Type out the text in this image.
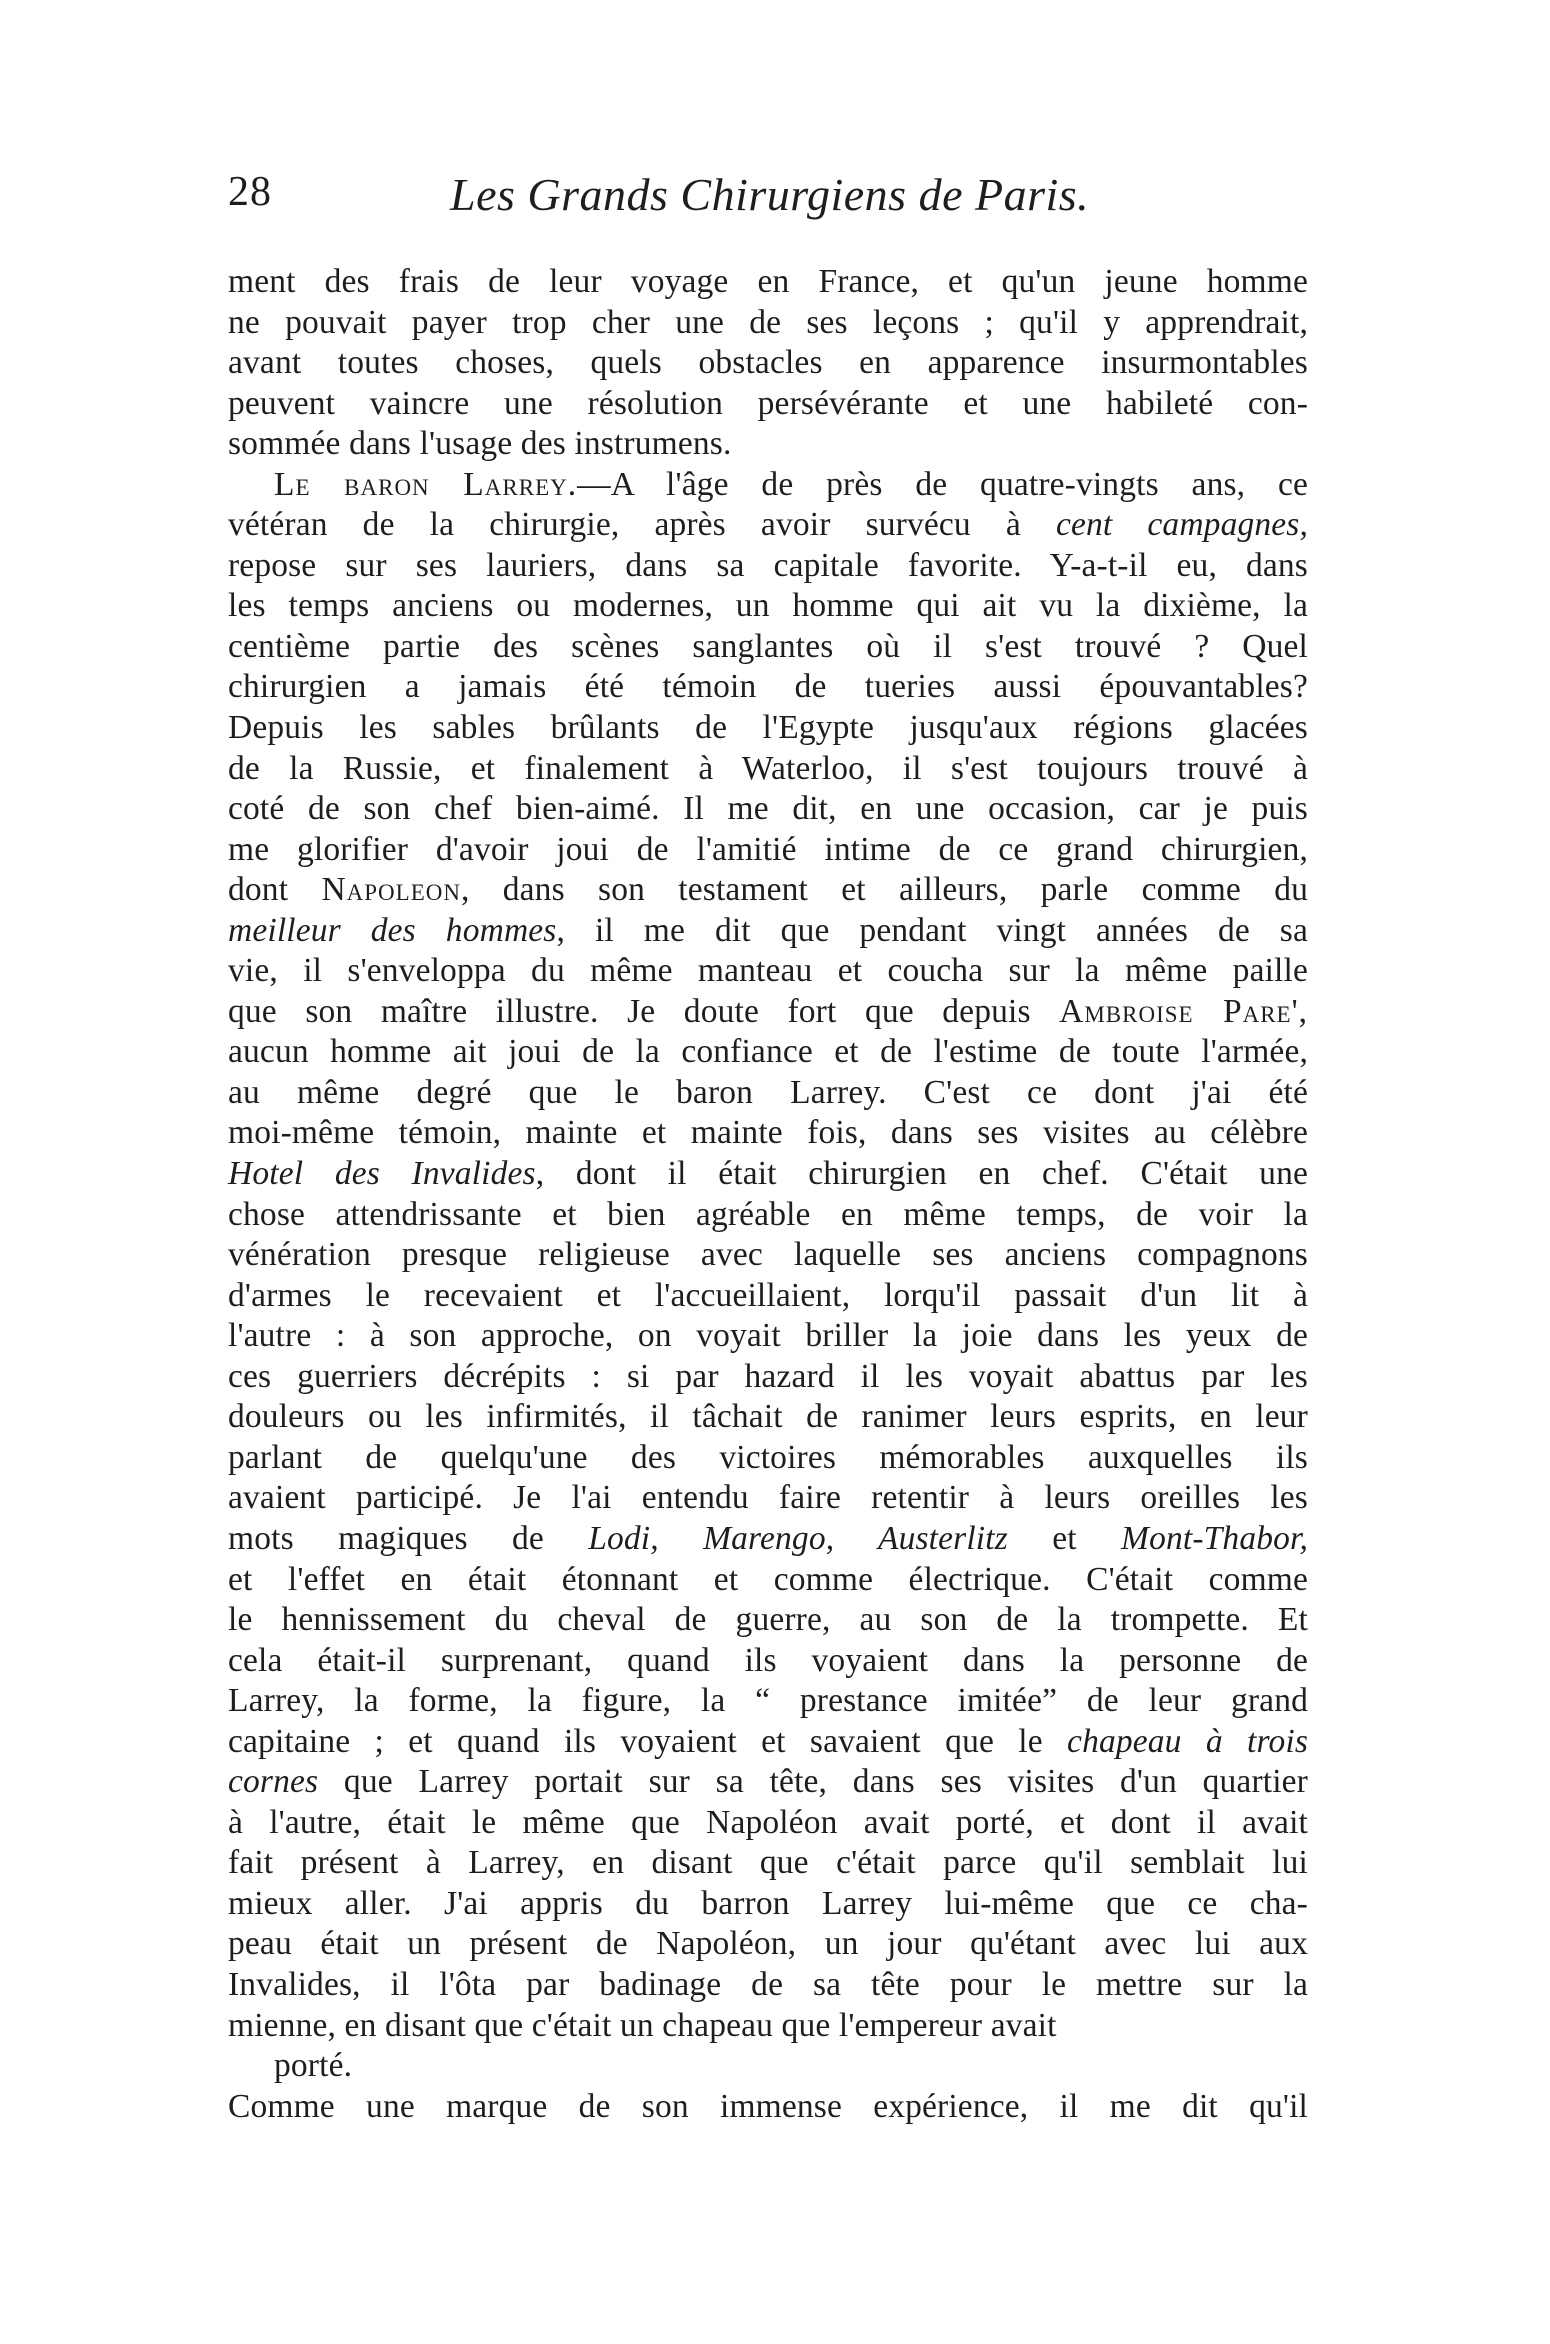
28	Les Grands Chirurgiens de Paris.
ment des frais de leur voyage en France, et qu'un jeune homme
ne pouvait payer trop cher une de ses leçons ; qu'il y apprendrait,
avant toutes choses, quels obstacles en apparence insurmontables
peuvent vaincre une résolution persévérante et une habileté con-
sommée dans l'usage des instrumens.
Le baron Larrey.—A l'âge de près de quatre-vingts ans, ce
vétéran de la chirurgie, après avoir survécu à cent campagnes,
repose sur ses lauriers, dans sa capitale favorite. Y-a-t-il eu, dans
les temps anciens ou modernes, un homme qui ait vu la dixième, la
centième partie des scènes sanglantes où il s'est trouvé ? Quel
chirurgien a jamais été témoin de tueries aussi épouvantables?
Depuis les sables brûlants de l'Egypte jusqu'aux régions glacées
de la Russie, et finalement à Waterloo, il s'est toujours trouvé à
coté de son chef bien-aimé. Il me dit, en une occasion, car je puis
me glorifier d'avoir joui de l'amitié intime de ce grand chirurgien,
dont Napoleon, dans son testament et ailleurs, parle comme du
meilleur des hommes, il me dit que pendant vingt années de sa
vie, il s'enveloppa du même manteau et coucha sur la même paille
que son maître illustre. Je doute fort que depuis Ambroise Pare',
aucun homme ait joui de la confiance et de l'estime de toute l'armée,
au même degré que le baron Larrey. C'est ce dont j'ai été
moi-même témoin, mainte et mainte fois, dans ses visites au célèbre
Hotel des Invalides, dont il était chirurgien en chef. C'était une
chose attendrissante et bien agréable en même temps, de voir la
vénération presque religieuse avec laquelle ses anciens compagnons
d'armes le recevaient et l'accueillaient, lorqu'il passait d'un lit à
l'autre : à son approche, on voyait briller la joie dans les yeux de
ces guerriers décrépits : si par hazard il les voyait abattus par les
douleurs ou les infirmités, il tâchait de ranimer leurs esprits, en leur
parlant de quelqu'une des victoires mémorables auxquelles ils
avaient participé. Je l'ai entendu faire retentir à leurs oreilles les
mots magiques de Lodi, Marengo, Austerlitz et Mont-Thabor,
et l'effet en était étonnant et comme électrique. C'était comme
le hennissement du cheval de guerre, au son de la trompette. Et
cela était-il surprenant, quand ils voyaient dans la personne de
Larrey, la forme, la figure, la “ prestance imitée” de leur grand
capitaine ; et quand ils voyaient et savaient que le chapeau à trois
cornes que Larrey portait sur sa tête, dans ses visites d'un quartier
à l'autre, était le même que Napoléon avait porté, et dont il avait
fait présent à Larrey, en disant que c'était parce qu'il semblait lui
mieux aller. J'ai appris du barron Larrey lui-même que ce cha-
peau était un présent de Napoléon, un jour qu'étant avec lui aux
Invalides, il l'ôta par badinage de sa tête pour le mettre sur la
mienne, en disant que c'était un chapeau que l'empereur avait
porté.
Comme une marque de son immense expérience, il me dit qu'il
